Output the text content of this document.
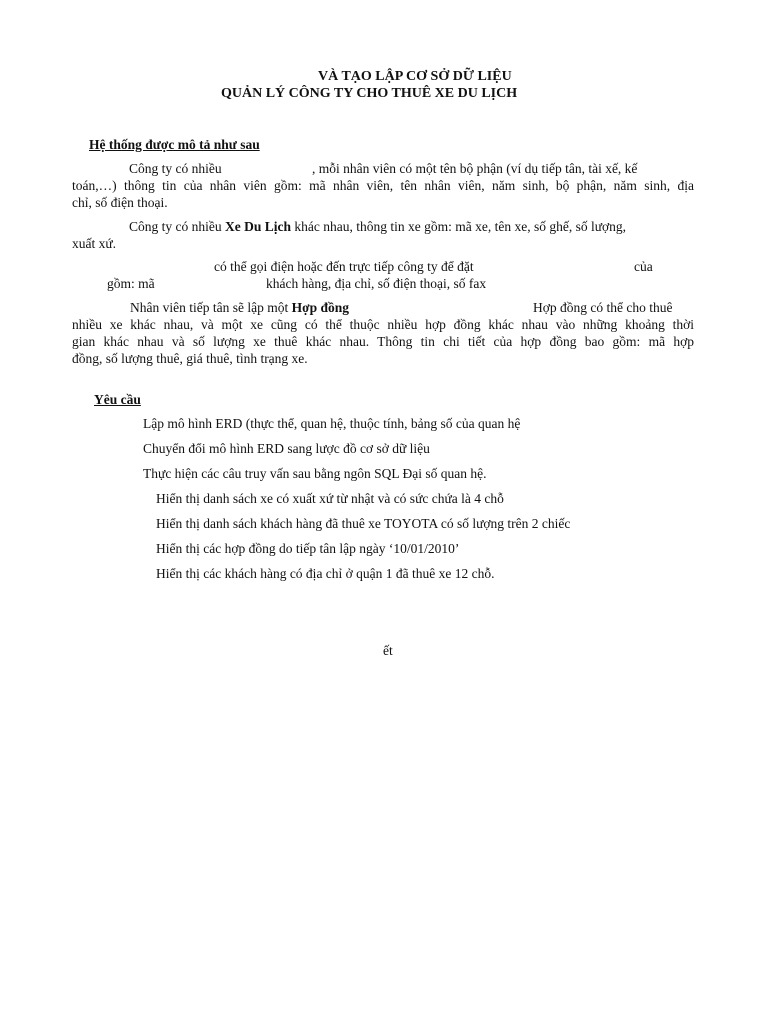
VÀ TẠO LẬP CƠ SỞ DỮ LIỆU
QUẢN LÝ CÔNG TY CHO THUÊ XE DU LỊCH
Hệ thống được mô tả như sau
Công ty có nhiều	, mỗi nhân viên có một tên bộ phận (ví dụ tiếp tân, tài xế, kế
toán,…) thông tin của nhân viên gồm: mã nhân viên, tên nhân viên, năm sinh, bộ phận, năm sinh, địa
chỉ, số điện thoại.
Công ty có nhiều Xe Du Lịch khác nhau, thông tin xe gồm: mã xe, tên xe, số ghế, số lượng,
xuất xứ.
có thể gọi điện hoặc đến trực tiếp công ty để đặt	của
gồm: mã	khách hàng, địa chỉ, số điện thoại, số fax
Nhân viên tiếp tân sẽ lập một Hợp đồng	Hợp đồng có thể cho thuê
nhiều xe khác nhau, và một xe cũng có thể thuộc nhiều hợp đồng khác nhau vào những khoảng thời
gian khác nhau và số lượng xe thuê khác nhau. Thông tin chi tiết của hợp đồng bao gồm: mã hợp
đồng, số lượng thuê, giá thuê, tình trạng xe.
Yêu cầu
Lập mô hình ERD (thực thể, quan hệ, thuộc tính, bảng số của quan hệ
Chuyển đổi mô hình ERD sang lược đồ cơ sở dữ liệu
Thực hiện các câu truy vấn sau bằng ngôn SQL Đại số quan hệ.
Hiển thị danh sách xe có xuất xứ từ nhật và có sức chứa là 4 chỗ
Hiển thị danh sách khách hàng đã thuê xe TOYOTA có số lượng trên 2 chiếc
Hiển thị các hợp đồng do tiếp tân lập ngày ‘10/01/2010’
Hiển thị các khách hàng có địa chỉ ở quận 1 đã thuê xe 12 chỗ.
ết
